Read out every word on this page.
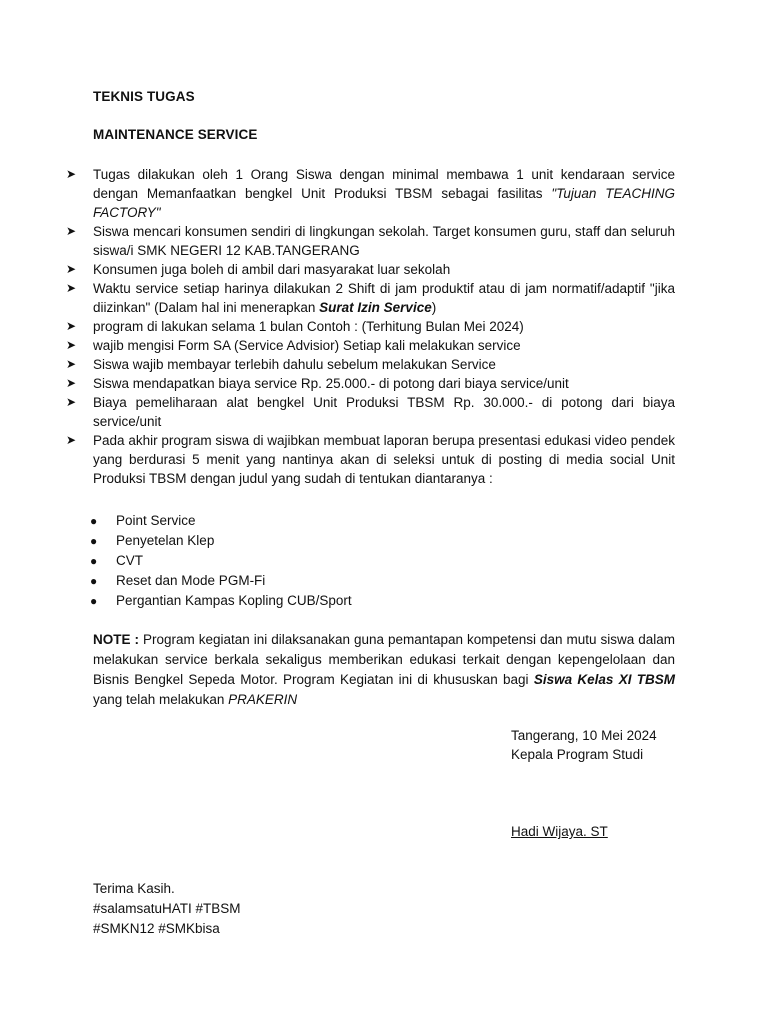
TEKNIS TUGAS
MAINTENANCE SERVICE
➤ Tugas dilakukan oleh 1 Orang Siswa dengan minimal membawa 1 unit kendaraan service dengan Memanfaatkan bengkel Unit Produksi TBSM sebagai fasilitas "Tujuan TEACHING FACTORY"
➤ Siswa mencari konsumen sendiri di lingkungan sekolah. Target konsumen guru, staff dan seluruh siswa/i SMK NEGERI 12 KAB.TANGERANG
➤ Konsumen juga boleh di ambil dari masyarakat luar sekolah
➤ Waktu service setiap harinya dilakukan 2 Shift di jam produktif atau di jam normatif/adaptif "jika diizinkan" (Dalam hal ini menerapkan Surat Izin Service)
➤ program di lakukan selama 1 bulan Contoh : (Terhitung Bulan Mei 2024)
➤ wajib mengisi Form SA (Service Advisior) Setiap kali melakukan service
➤ Siswa wajib membayar terlebih dahulu sebelum melakukan Service
➤ Siswa mendapatkan biaya service Rp. 25.000.- di potong dari biaya service/unit
➤ Biaya pemeliharaan alat bengkel Unit Produksi TBSM Rp. 30.000.- di potong dari biaya service/unit
➤ Pada akhir program siswa di wajibkan membuat laporan berupa presentasi edukasi video pendek yang berdurasi 5 menit yang nantinya akan di seleksi untuk di posting di media social Unit Produksi TBSM dengan judul yang sudah di tentukan diantaranya :
● Point Service
● Penyetelan Klep
● CVT
● Reset dan Mode PGM-Fi
● Pergantian Kampas Kopling CUB/Sport

NOTE : Program kegiatan ini dilaksanakan guna pemantapan kompetensi dan mutu siswa dalam melakukan service berkala sekaligus memberikan edukasi terkait dengan kepengelolaan dan Bisnis Bengkel Sepeda Motor. Program Kegiatan ini di khususkan bagi Siswa Kelas XI TBSM yang telah melakukan PRAKERIN

Tangerang, 10 Mei 2024
Kepala Program Studi
Hadi Wijaya. ST
Terima Kasih.
#salamsatuHATI #TBSM
#SMKN12 #SMKbisa
